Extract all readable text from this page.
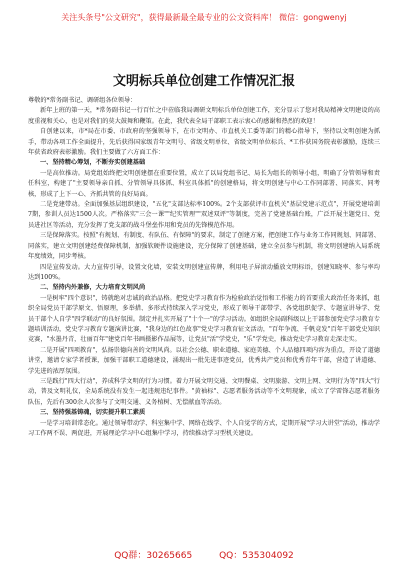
关注头条号"公文研究"，获得最新最全最专业的公文资料库！ 微信：gongwenyj
文明标兵单位创建工作情况汇报

尊敬的*常务副书记、调研组各位领导：

新年上班的第一天，*常务副书记一行百忙之中莅临我局调研文明标兵单位创建工作，充分显示了您对我局精神文明建设的高度重视和关心，也是对我们的莫大鼓舞和鞭策。在此，我代表全局干部职工表示衷心的感谢和热烈的欢迎！

自创建以来，市*局在市委、市政府的坚强领导下，在市文明办、市直机关工委等部门的精心指导下，坚持以文明创建为抓手，带动各项工作全面提升，先后获得国家级青年文明号、省级文明单位、省级文明单位标兵、*工作获国务院表彰激励，连续三年获省政府表彰激励。我们主要做了六方面工作：

一、坚持精心筹划，不断夯实创建基础

一是高位推动。局党组始终把文明创建摆在重要位置，成立了以局党组书记、局长为组长的领导小组，明确了分管领导和责任科室，构建了"主要领导亲自抓、分管领导具体抓、科室具体抓"的创建格局，将文明创建与中心工作同部署、同落实、同考核，形成了上下一心、齐抓共管的良好局面。

二是党建带动。全面加强基层组织建设，"五化"支部达标率100%。2个支部获评市直机关"基层党建示范点"，开展党建培训7期，参训人员达1500人次。严格落实"三会一课""纪实管理""双述双评"等制度，完善了党建基础台账，广泛开展主题党日、党员进社区等活动，充分发挥了党支部的战斗堡垒作用和党员的先锋模范作用。

三是保障落实。按照"有规划、有制度、有队伍、有保障"的要求，制定了创建方案，把创建工作与业务工作同规划、同部署、同落实，建立文明创建经费保障机制，加强软硬件设施建设，充分保障了创建基础，建立全员参与机制，将文明创建纳入局系统年度绩效，同步考核。

四是宣传发动。大力宣传引导，设置文化墙，安装文明创建宣传牌，利用电子屏滚动播放文明标语，创建知晓率、参与率均达到100%。

二、坚持内外兼修，大力培育文明风尚

一是树牢"四个意识"，铸就绝对忠诚的政治品格。把党史学习教育作为检验政治觉悟和工作能力的首要重大政治任务来抓，组织全局党员干部学原文、悟原理，多举措、多形式持续深入学习党史，形成了领导干部带学、各党组织促学、专题宣讲导学、党员干部个人自学"四学联动"的良好氛围。制定并扎实开展了"十个一"的学习活动。如组织全局副科级以上干部参加党史学习教育专题培训活动，党史学习教育专题演讲比赛，"我身边的红色故事"党史学习教育征文活动，"百年争流、千帆竞发"百年干部党史知识竞赛，"水墨丹青，壮丽百年"建党百年书画摄影作品展等，让党员"活"学党史，"乐"学党史，推动党史学习教育走深走实。

二是开展"四项教育"，弘扬崇德向善的文明风尚。以社会公德、职业道德、家庭美德、个人品德四项内容为重点，开设了道德讲堂，邀请专家学者授课，加强干部职工道德建设，涌现出一批先进事迹党员，优秀共产党员和优秀青年干部，营造了讲道德、学先进的浓厚氛围。

三是践行"四大行动"，养成科学文明的行为习惯。着力开展文明交通、文明餐桌、文明旅游、文明上网、文明行为等"四大"行动，普及文明礼仪，全局系统没有发生一起违规违纪事件。"黄袖标"、志愿者服务活动等不文明现象，成立了学雷锋志愿者服务队伍，先后有300余人次参与了文明交通、义务植树、无偿献血等活动。

三、坚持强基铸魂，切实提升职工素质

一是学习培训常态化。通过领导带动学、科室集中学、网络在线学、个人自觉学的方式，定期开展"学习大讲堂"活动，推动学习工作两不误、两促进，开展理论学习中心组集中学习，持续推动学习型机关建设。

QQ群：30265665	QQ：535304092
